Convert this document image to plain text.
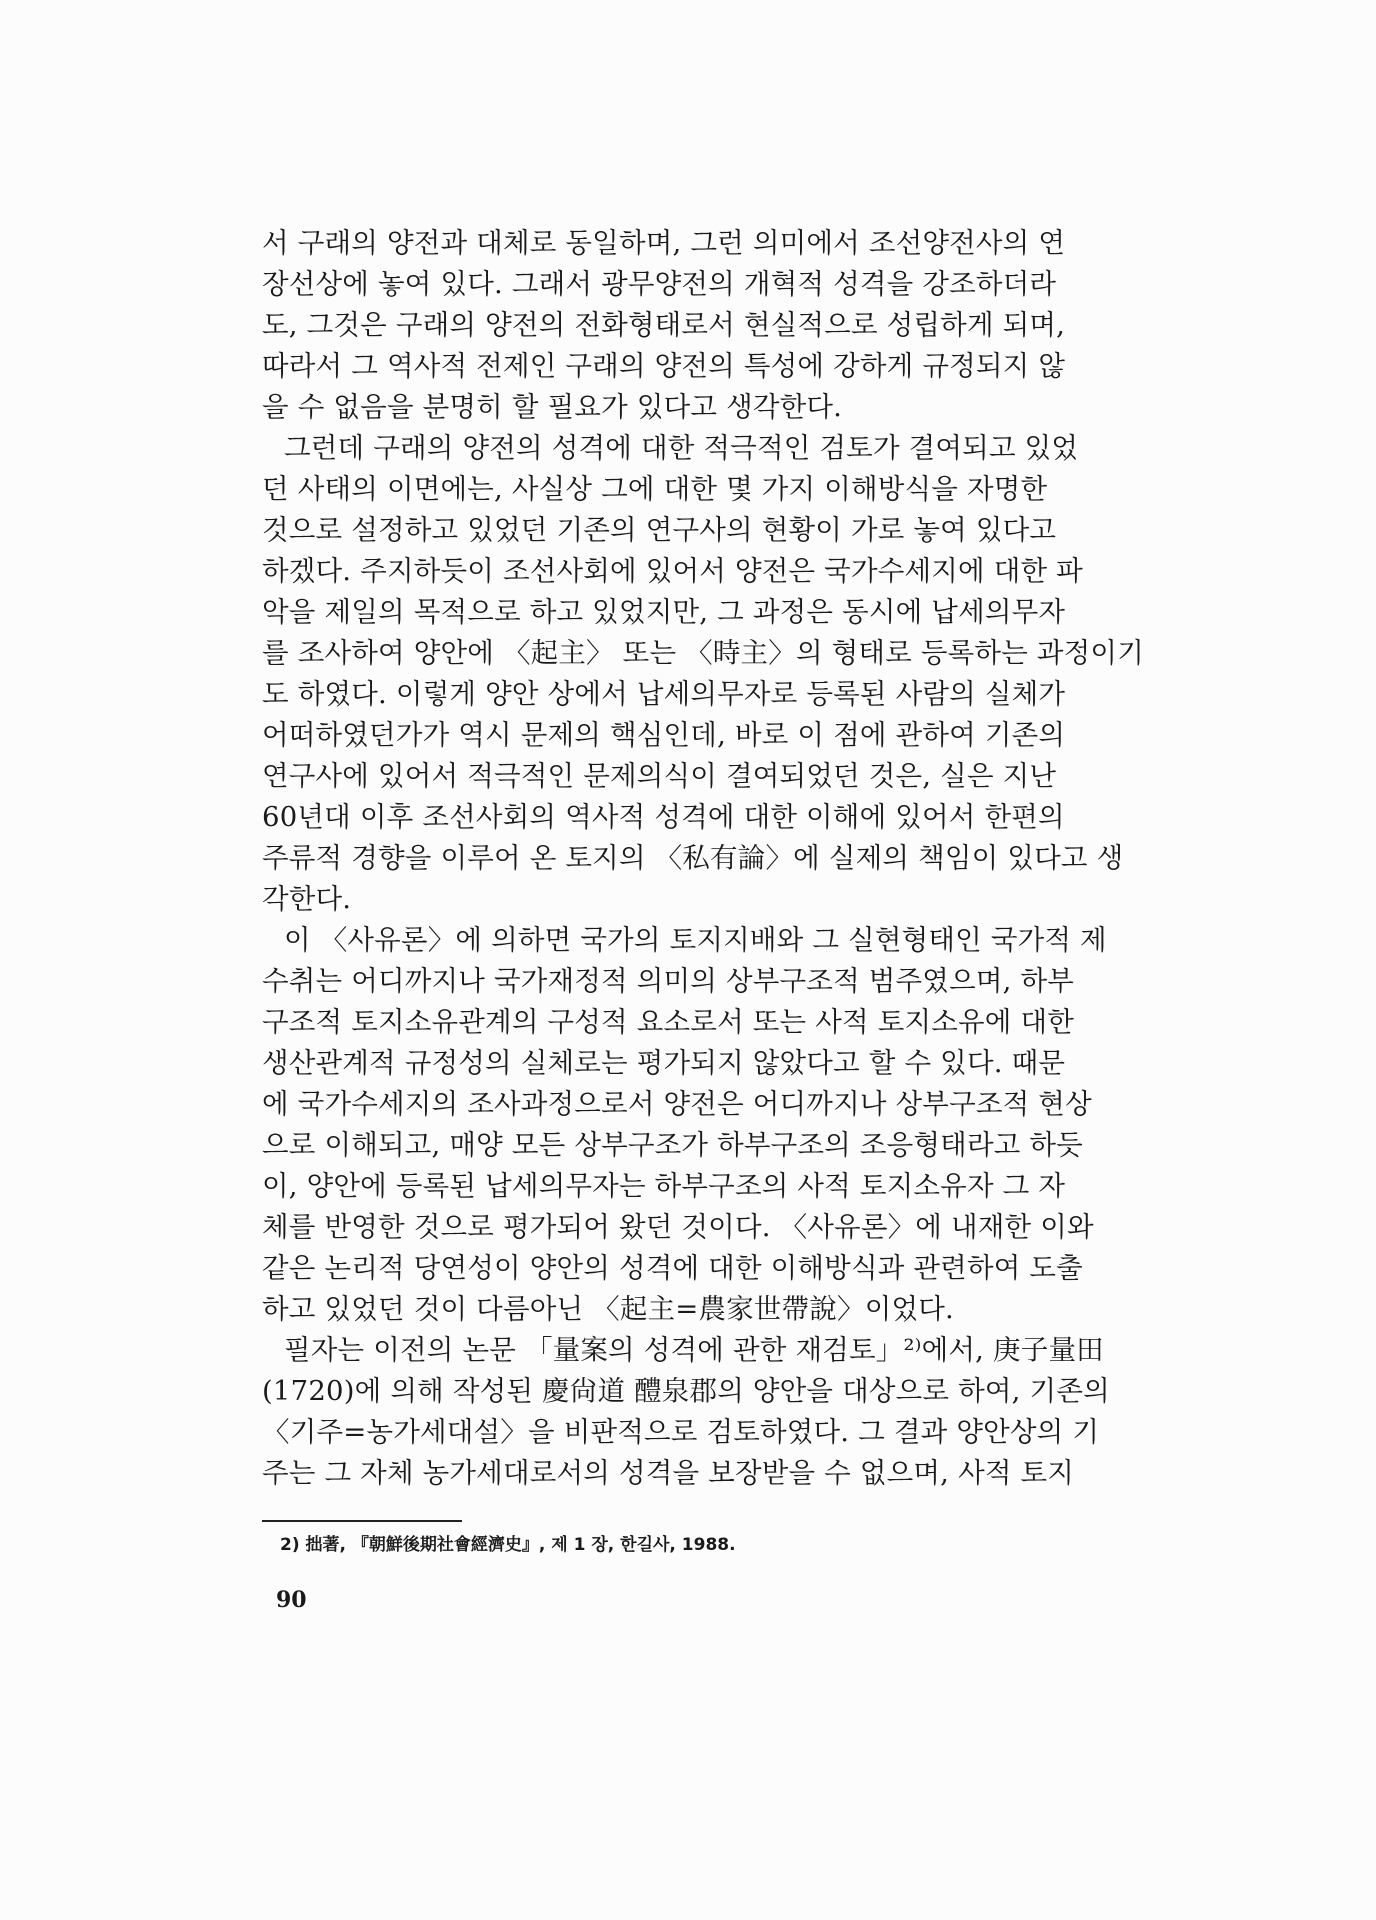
서 구래의 양전과 대체로 동일하며, 그런 의미에서 조선양전사의 연
장선상에 놓여 있다. 그래서 광무양전의 개혁적 성격을 강조하더라
도, 그것은 구래의 양전의 전화형태로서 현실적으로 성립하게 되며,
따라서 그 역사적 전제인 구래의 양전의 특성에 강하게 규정되지 않
을 수 없음을 분명히 할 필요가 있다고 생각한다.
그런데 구래의 양전의 성격에 대한 적극적인 검토가 결여되고 있었
던 사태의 이면에는, 사실상 그에 대한 몇 가지 이해방식을 자명한
것으로 설정하고 있었던 기존의 연구사의 현황이 가로 놓여 있다고
하겠다. 주지하듯이 조선사회에 있어서 양전은 국가수세지에 대한 파
악을 제일의 목적으로 하고 있었지만, 그 과정은 동시에 납세의무자
를 조사하여 양안에 〈起主〉 또는 〈時主〉의 형태로 등록하는 과정이기
도 하였다. 이렇게 양안 상에서 납세의무자로 등록된 사람의 실체가
어떠하였던가가 역시 문제의 핵심인데, 바로 이 점에 관하여 기존의
연구사에 있어서 적극적인 문제의식이 결여되었던 것은, 실은 지난
60년대 이후 조선사회의 역사적 성격에 대한 이해에 있어서 한편의
주류적 경향을 이루어 온 토지의 〈私有論〉에 실제의 책임이 있다고 생
각한다.
이 〈사유론〉에 의하면 국가의 토지지배와 그 실현형태인 국가적 제
수취는 어디까지나 국가재정적 의미의 상부구조적 범주였으며, 하부
구조적 토지소유관계의 구성적 요소로서 또는 사적 토지소유에 대한
생산관계적 규정성의 실체로는 평가되지 않았다고 할 수 있다. 때문
에 국가수세지의 조사과정으로서 양전은 어디까지나 상부구조적 현상
으로 이해되고, 매양 모든 상부구조가 하부구조의 조응형태라고 하듯
이, 양안에 등록된 납세의무자는 하부구조의 사적 토지소유자 그 자
체를 반영한 것으로 평가되어 왔던 것이다. 〈사유론〉에 내재한 이와
같은 논리적 당연성이 양안의 성격에 대한 이해방식과 관련하여 도출
하고 있었던 것이 다름아닌 〈起主=農家世帶說〉이었다.
필자는 이전의 논문 「量案의 성격에 관한 재검토」²⁾에서, 庚子量田
(1720)에 의해 작성된 慶尙道 醴泉郡의 양안을 대상으로 하여, 기존의
〈기주=농가세대설〉을 비판적으로 검토하였다. 그 결과 양안상의 기
주는 그 자체 농가세대로서의 성격을 보장받을 수 없으며, 사적 토지
2) 拙著, 『朝鮮後期社會經濟史』, 제 1 장, 한길사, 1988.
90
